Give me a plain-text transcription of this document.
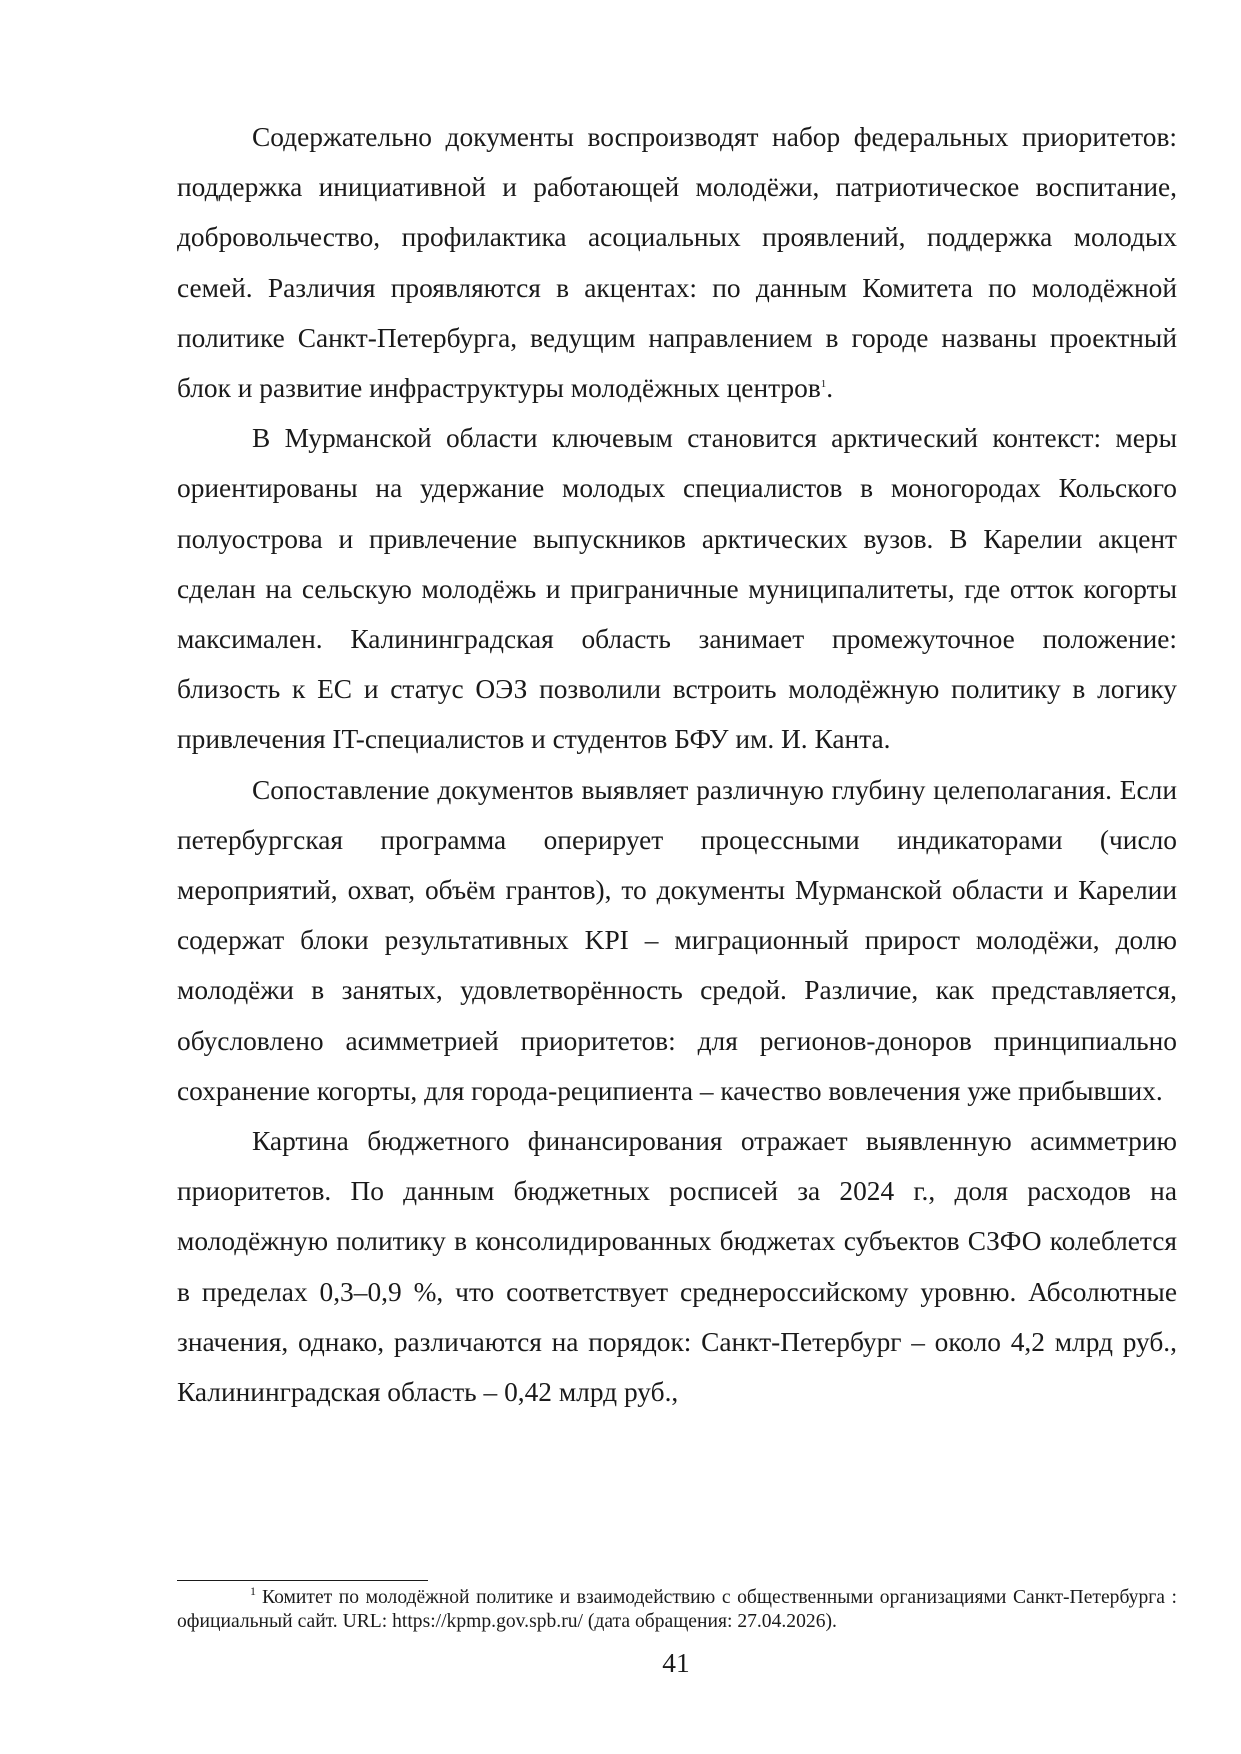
Содержательно документы воспроизводят набор федеральных приоритетов: поддержка инициативной и работающей молодёжи, патриотическое воспитание, добровольчество, профилактика асоциальных проявлений, поддержка молодых семей. Различия проявляются в акцентах: по данным Комитета по молодёжной политике Санкт-Петербурга, ведущим направлением в городе названы проектный блок и развитие инфраструктуры молодёжных центров$^1$.

В Мурманской области ключевым становится арктический контекст: меры ориентированы на удержание молодых специалистов в моногородах Кольского полуострова и привлечение выпускников арктических вузов. В Карелии акцент сделан на сельскую молодёжь и приграничные муниципалитеты, где отток когорты максимален. Калининградская область занимает промежуточное положение: близость к ЕС и статус ОЭЗ позволили встроить молодёжную политику в логику привлечения IT-специалистов и студентов БФУ им. И. Канта.

Сопоставление документов выявляет различную глубину целеполагания. Если петербургская программа оперирует процессными индикаторами (число мероприятий, охват, объём грантов), то документы Мурманской области и Карелии содержат блоки результативных KPI – миграционный прирост молодёжи, долю молодёжи в занятых, удовлетворённость средой. Различие, как представляется, обусловлено асимметрией приоритетов: для регионов-доноров принципиально сохранение когорты, для города-реципиента – качество вовлечения уже прибывших.

Картина бюджетного финансирования отражает выявленную асимметрию приоритетов. По данным бюджетных росписей за 2024 г., доля расходов на молодёжную политику в консолидированных бюджетах субъектов СЗФО колеблется в пределах 0,3–0,9 %, что соответствует среднероссийскому уровню. Абсолютные значения, однако, различаются на порядок: Санкт-Петербург – около 4,2 млрд руб., Калининградская область – 0,42 млрд руб.,

$^1$ Комитет по молодёжной политике и взаимодействию с общественными организациями Санкт-Петербурга : официальный сайт. URL: https://kpmp.gov.spb.ru/ (дата обращения: 27.04.2026).

41
